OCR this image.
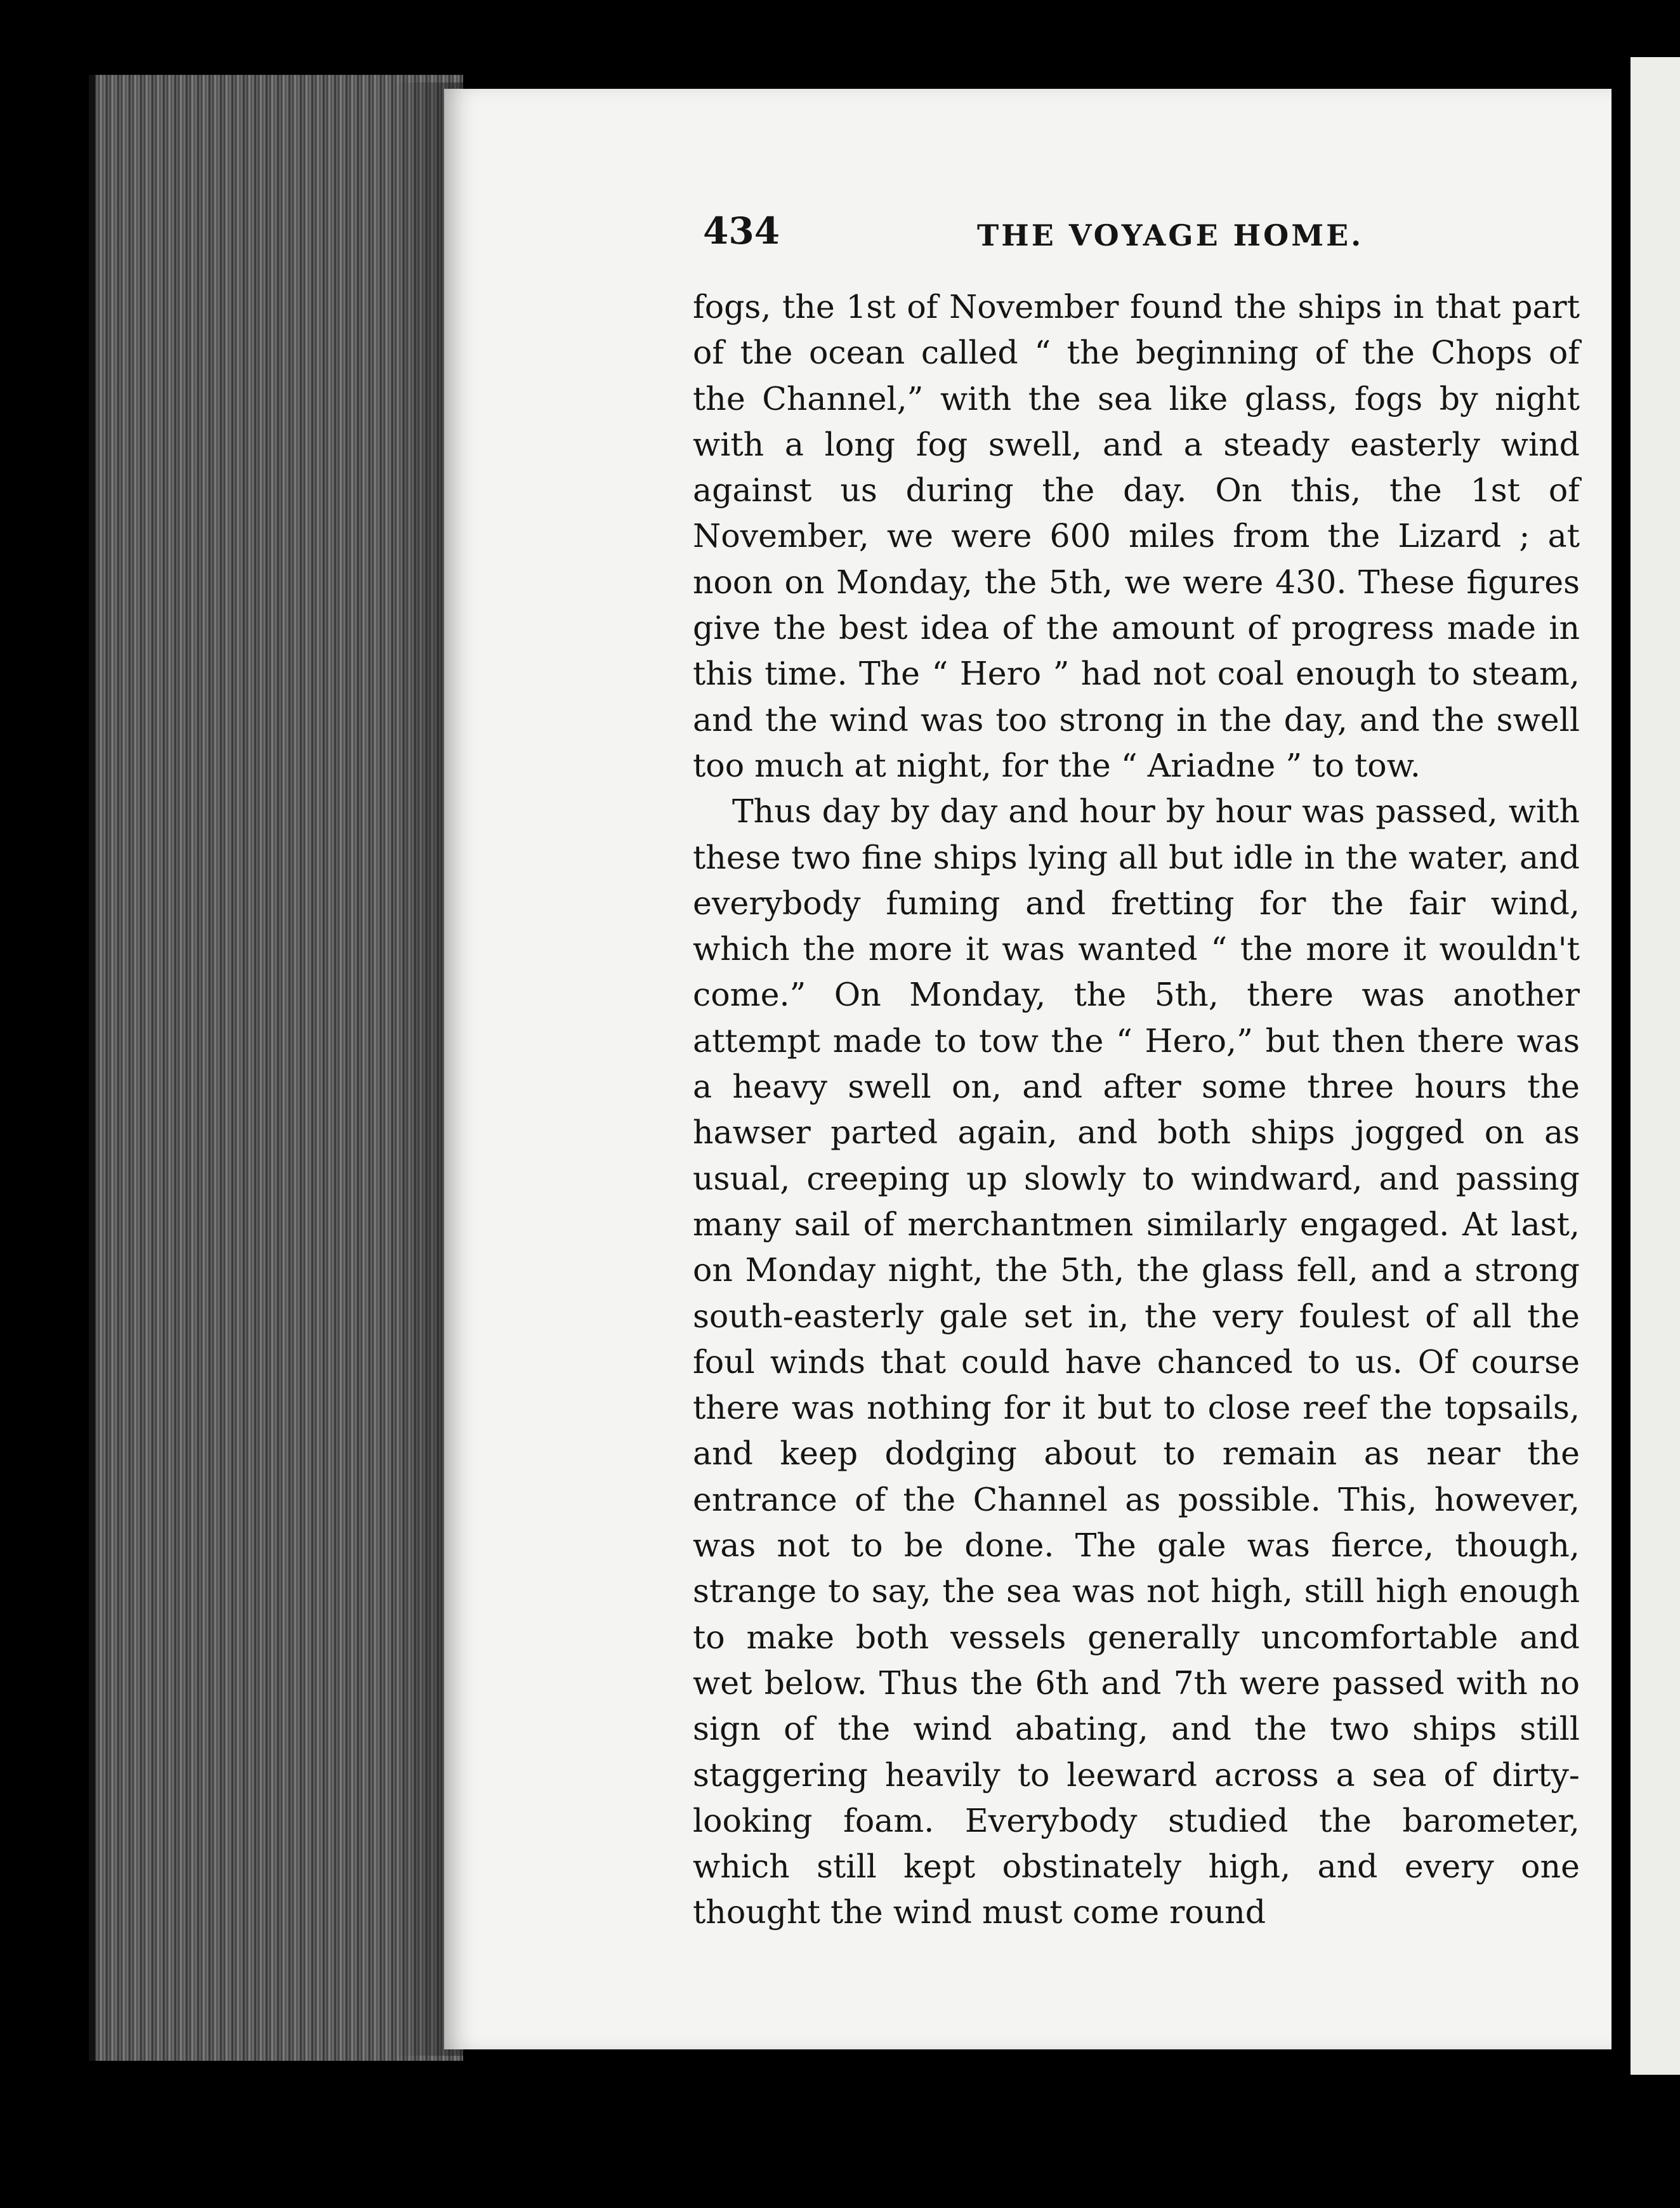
434	THE VOYAGE HOME.

fogs, the 1st of November found the ships in that part of the ocean called “ the beginning of the Chops of the Channel,” with the sea like glass, fogs by night with a long fog swell, and a steady easterly wind against us during the day. On this, the 1st of November, we were 600 miles from the Lizard ; at noon on Monday, the 5th, we were 430. These figures give the best idea of the amount of progress made in this time. The “ Hero ” had not coal enough to steam, and the wind was too strong in the day, and the swell too much at night, for the “ Ariadne ” to tow.

Thus day by day and hour by hour was passed, with these two fine ships lying all but idle in the water, and everybody fuming and fretting for the fair wind, which the more it was wanted “ the more it wouldn't come.” On Monday, the 5th, there was another attempt made to tow the “ Hero,” but then there was a heavy swell on, and after some three hours the hawser parted again, and both ships jogged on as usual, creeping up slowly to windward, and passing many sail of merchantmen similarly engaged. At last, on Monday night, the 5th, the glass fell, and a strong south-easterly gale set in, the very foulest of all the foul winds that could have chanced to us. Of course there was nothing for it but to close reef the topsails, and keep dodging about to remain as near the entrance of the Channel as possible. This, however, was not to be done. The gale was fierce, though, strange to say, the sea was not high, still high enough to make both vessels generally uncomfortable and wet below. Thus the 6th and 7th were passed with no sign of the wind abating, and the two ships still staggering heavily to leeward across a sea of dirty-looking foam. Everybody studied the barometer, which still kept obstinately high, and every one thought the wind must come round
